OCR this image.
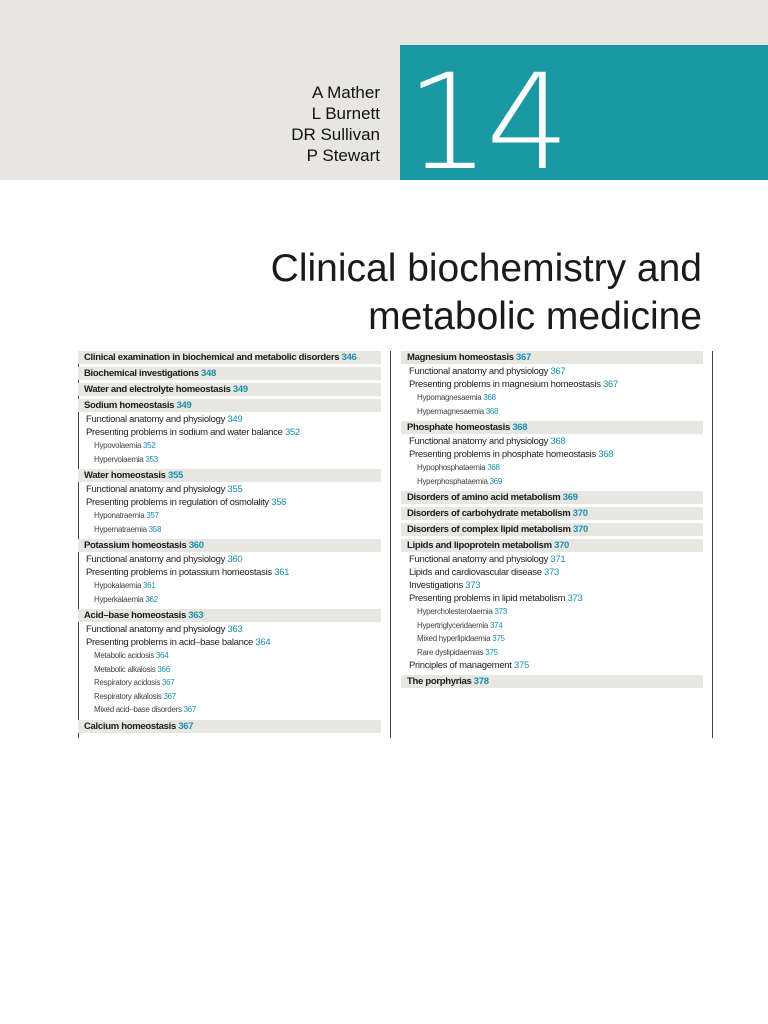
14
A Mather
L Burnett
DR Sullivan
P Stewart
Clinical biochemistry and
metabolic medicine
Clinical examination in biochemical and metabolic disorders 346
Biochemical investigations 348
Water and electrolyte homeostasis 349
Sodium homeostasis 349
Functional anatomy and physiology 349
Presenting problems in sodium and water balance 352
Hypovolaemia 352
Hypervolaemia 353
Water homeostasis 355
Functional anatomy and physiology 355
Presenting problems in regulation of osmolality 356
Hyponatraemia 357
Hypernatraemia 358
Potassium homeostasis 360
Functional anatomy and physiology 360
Presenting problems in potassium homeostasis 361
Hypokalaemia 361
Hyperkalaemia 362
Acid–base homeostasis 363
Functional anatomy and physiology 363
Presenting problems in acid–base balance 364
Metabolic acidosis 364
Metabolic alkalosis 366
Respiratory acidosis 367
Respiratory alkalosis 367
Mixed acid–base disorders 367
Calcium homeostasis 367
Magnesium homeostasis 367
Functional anatomy and physiology 367
Presenting problems in magnesium homeostasis 367
Hypomagnesaemia 368
Hypermagnesaemia 368
Phosphate homeostasis 368
Functional anatomy and physiology 368
Presenting problems in phosphate homeostasis 368
Hypophosphataemia 368
Hyperphosphataemia 369
Disorders of amino acid metabolism 369
Disorders of carbohydrate metabolism 370
Disorders of complex lipid metabolism 370
Lipids and lipoprotein metabolism 370
Functional anatomy and physiology 371
Lipids and cardiovascular disease 373
Investigations 373
Presenting problems in lipid metabolism 373
Hypercholesterolaemia 373
Hypertriglyceridaemia 374
Mixed hyperlipidaemia 375
Rare dyslipidaemias 375
Principles of management 375
The porphyrias 378
